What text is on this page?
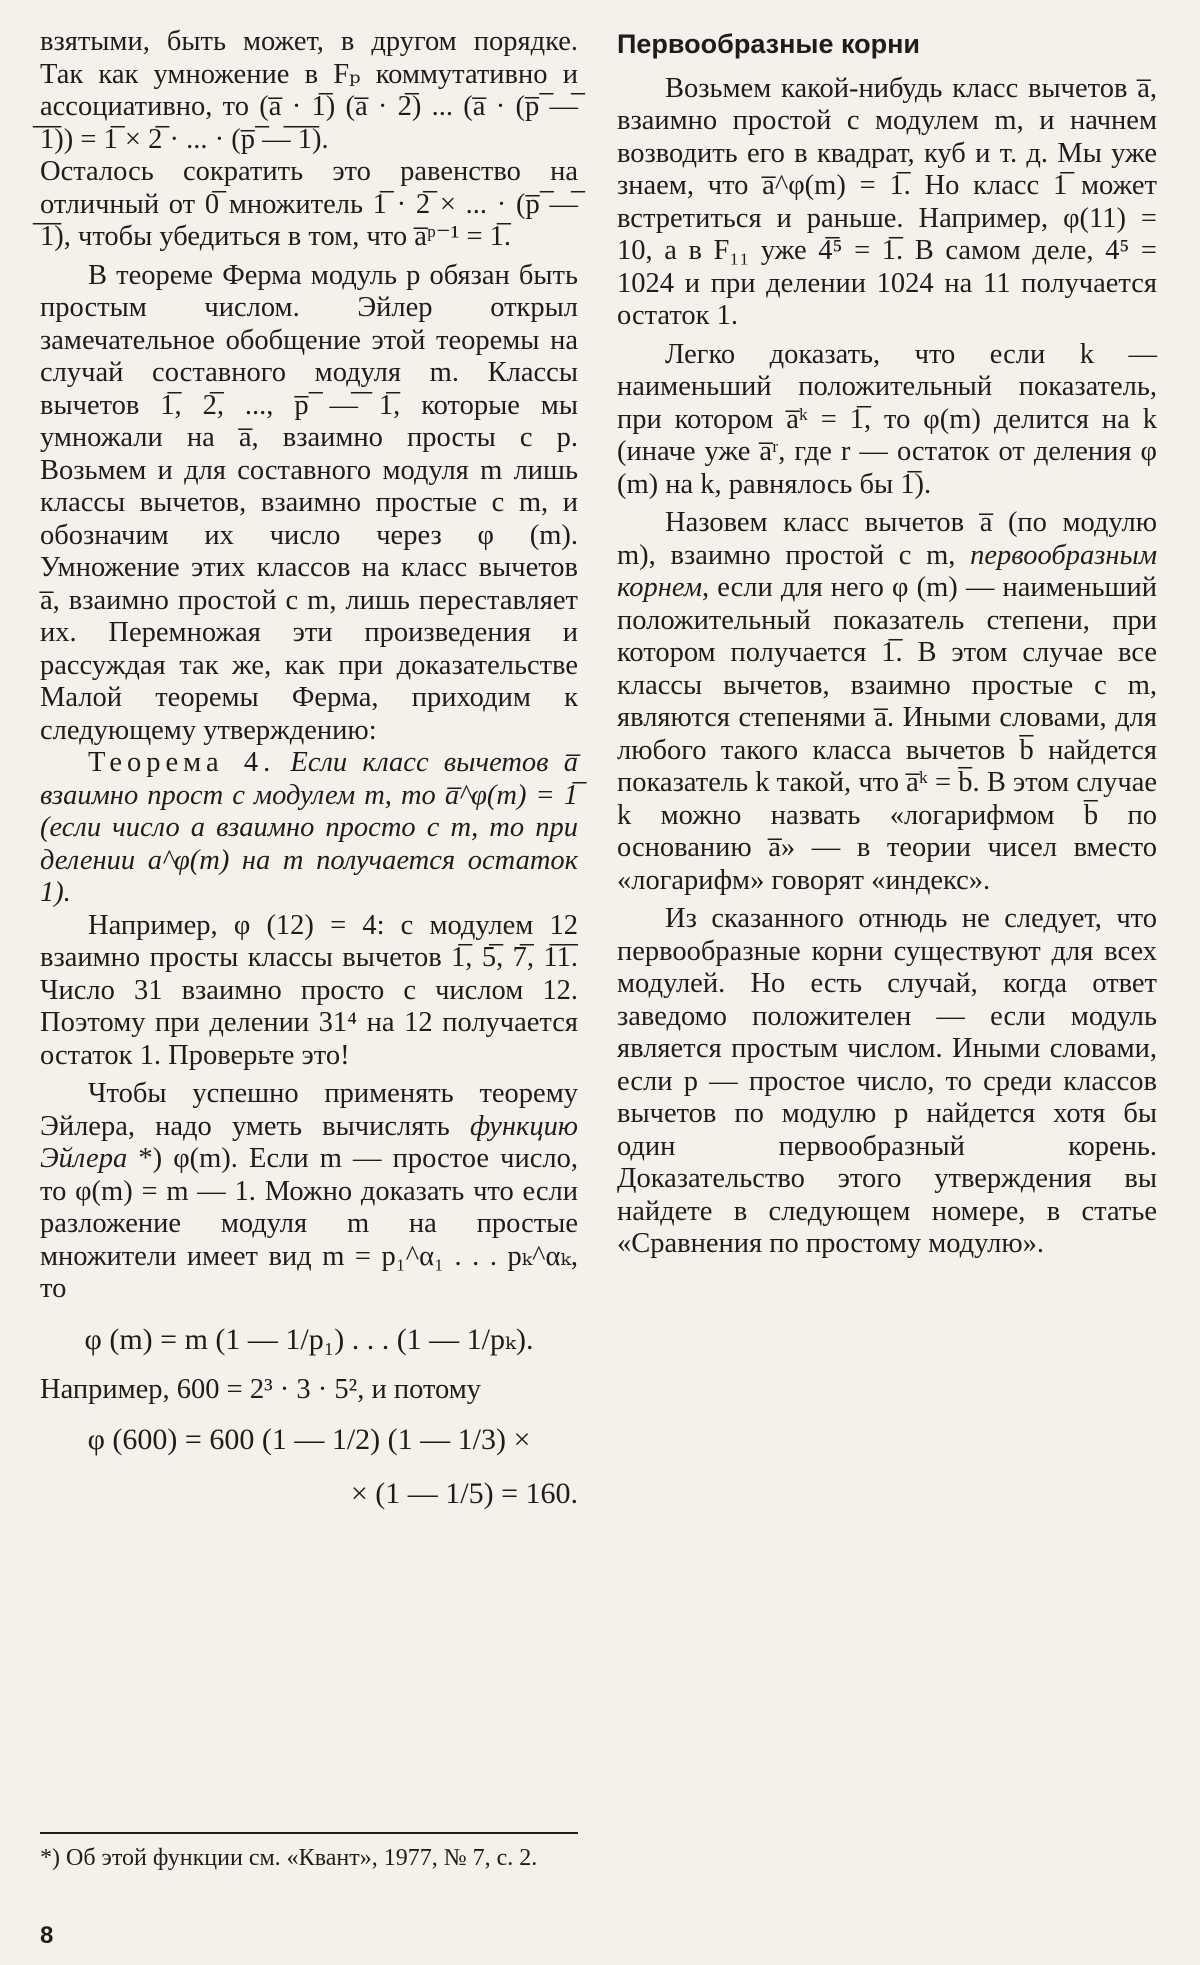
взятыми, быть может, в другом порядке. Так как умножение в Fₚ коммутативно и ассоциативно, то (a̅ · 1̅) (a̅ · 2̅) ... (a̅ · (p̅ ̅—̅ ̅1̅)) = 1̅ × 2̅ · ... · (p̅ ̅—̅ ̅1̅).

Осталось сократить это равенство на отличный от 0̅ множитель 1̅ · 2̅ × ... · (p̅ ̅—̅ ̅1̅), чтобы убедиться в том, что a̅ᵖ⁻¹ = 1̅.

В теореме Ферма модуль p обязан быть простым числом. Эйлер открыл замечательное обобщение этой теоремы на случай составного модуля m. Классы вычетов 1̅, 2̅, ..., p̅ ̅—̅ ̅1̅, которые мы умножали на a̅, взаимно просты с p. Возьмем и для составного модуля m лишь классы вычетов, взаимно простые с m, и обозначим их число через φ (m). Умножение этих классов на класс вычетов a̅, взаимно простой с m, лишь переставляет их. Перемножая эти произведения и рассуждая так же, как при доказательстве Малой теоремы Ферма, приходим к следующему утверждению:

Теорема 4. Если класс вычетов a̅ взаимно прост с модулем m, то a̅^φ(m) = 1̅ (если число a взаимно просто с m, то при делении a^φ(m) на m получается остаток 1).

Например, φ (12) = 4: с модулем 12 взаимно просты классы вычетов 1̅, 5̅, 7̅, 1̅1̅. Число 31 взаимно просто с числом 12. Поэтому при делении 31⁴ на 12 получается остаток 1. Проверьте это!

Чтобы успешно применять теорему Эйлера, надо уметь вычислять функцию Эйлера *) φ(m). Если m — простое число, то φ(m) = m — 1. Можно доказать что если разложение модуля m на простые множители имеет вид m = p₁^α₁ . . . pₖ^αₖ, то

φ (m) = m (1 — 1/p₁) . . . (1 — 1/pₖ).

Например, 600 = 2³ · 3 · 5², и потому

φ (600) = 600 (1 — 1/2) (1 — 1/3) ×
× (1 — 1/5) = 160.
Первообразные корни

Возьмем какой-нибудь класс вычетов a̅, взаимно простой с модулем m, и начнем возводить его в квадрат, куб и т. д. Мы уже знаем, что a̅^φ(m) = 1̅. Но класс 1̅ может встретиться и раньше. Например, φ(11) = 10, а в F₁₁ уже 4̅⁵ = 1̅. В самом деле, 4⁵ = 1024 и при делении 1024 на 11 получается остаток 1.

Легко доказать, что если k — наименьший положительный показатель, при котором a̅ᵏ = 1̅, то φ(m) делится на k (иначе уже a̅ʳ, где r — остаток от деления φ (m) на k, равнялось бы 1̅).

Назовем класс вычетов a̅ (по модулю m), взаимно простой с m, первообразным корнем, если для него φ (m) — наименьший положительный показатель степени, при котором получается 1̅. В этом случае все классы вычетов, взаимно простые с m, являются степенями a̅. Иными словами, для любого такого класса вычетов b̅ найдется показатель k такой, что a̅ᵏ = b̅. В этом случае k можно назвать «логарифмом b̅ по основанию a̅» — в теории чисел вместо «логарифм» говорят «индекс».

Из сказанного отнюдь не следует, что первообразные корни существуют для всех модулей. Но есть случай, когда ответ заведомо положителен — если модуль является простым числом. Иными словами, если p — простое число, то среди классов вычетов по модулю p найдется хотя бы один первообразный корень. Доказательство этого утверждения вы найдете в следующем номере, в статье «Сравнения по простому модулю».

*) Об этой функции см. «Квант», 1977, № 7, с. 2.
8
